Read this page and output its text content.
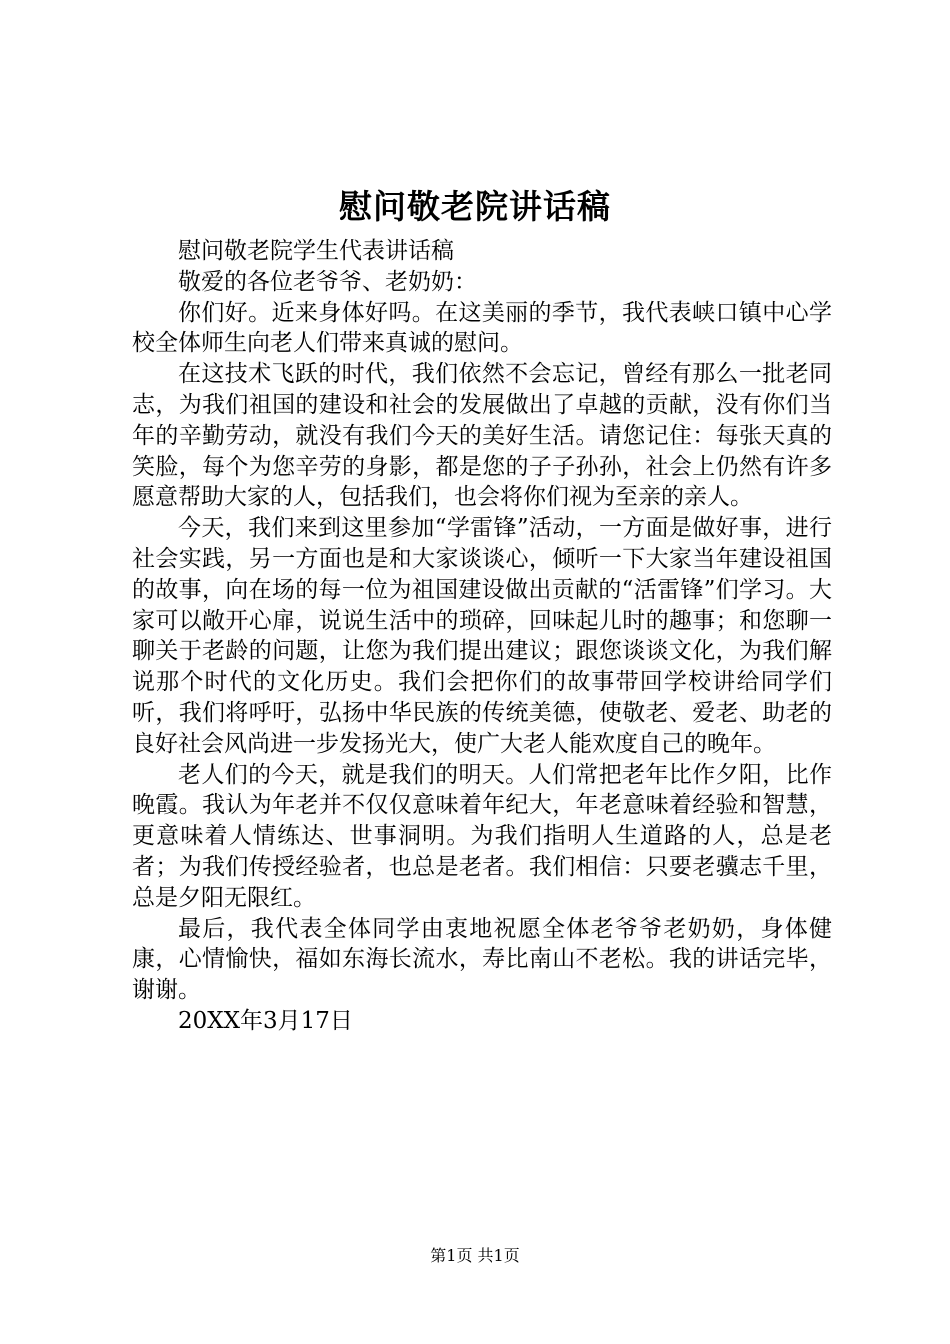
慰问敬老院讲话稿

慰问敬老院学生代表讲话稿

敬爱的各位老爷爷、老奶奶：

你们好。近来身体好吗。在这美丽的季节，我代表峡口镇中心学校全体师生向老人们带来真诚的慰问。

在这技术飞跃的时代，我们依然不会忘记，曾经有那么一批老同志，为我们祖国的建设和社会的发展做出了卓越的贡献，没有你们当年的辛勤劳动，就没有我们今天的美好生活。请您记住：每张天真的笑脸，每个为您辛劳的身影，都是您的子子孙孙，社会上仍然有许多愿意帮助大家的人，包括我们，也会将你们视为至亲的亲人。

今天，我们来到这里参加“学雷锋”活动，一方面是做好事，进行社会实践，另一方面也是和大家谈谈心，倾听一下大家当年建设祖国的故事，向在场的每一位为祖国建设做出贡献的“活雷锋”们学习。大家可以敞开心扉，说说生活中的琐碎，回味起儿时的趣事；和您聊一聊关于老龄的问题，让您为我们提出建议；跟您谈谈文化，为我们解说那个时代的文化历史。我们会把你们的故事带回学校讲给同学们听，我们将呼吁，弘扬中华民族的传统美德，使敬老、爱老、助老的良好社会风尚进一步发扬光大，使广大老人能欢度自己的晚年。

老人们的今天，就是我们的明天。人们常把老年比作夕阳，比作晚霞。我认为年老并不仅仅意味着年纪大，年老意味着经验和智慧，更意味着人情练达、世事洞明。为我们指明人生道路的人，总是老者；为我们传授经验者，也总是老者。我们相信：只要老骥志千里，总是夕阳无限红。

最后，我代表全体同学由衷地祝愿全体老爷爷老奶奶，身体健康，心情愉快，福如东海长流水，寿比南山不老松。我的讲话完毕，谢谢。

20XX年3月17日

第1页 共1页
